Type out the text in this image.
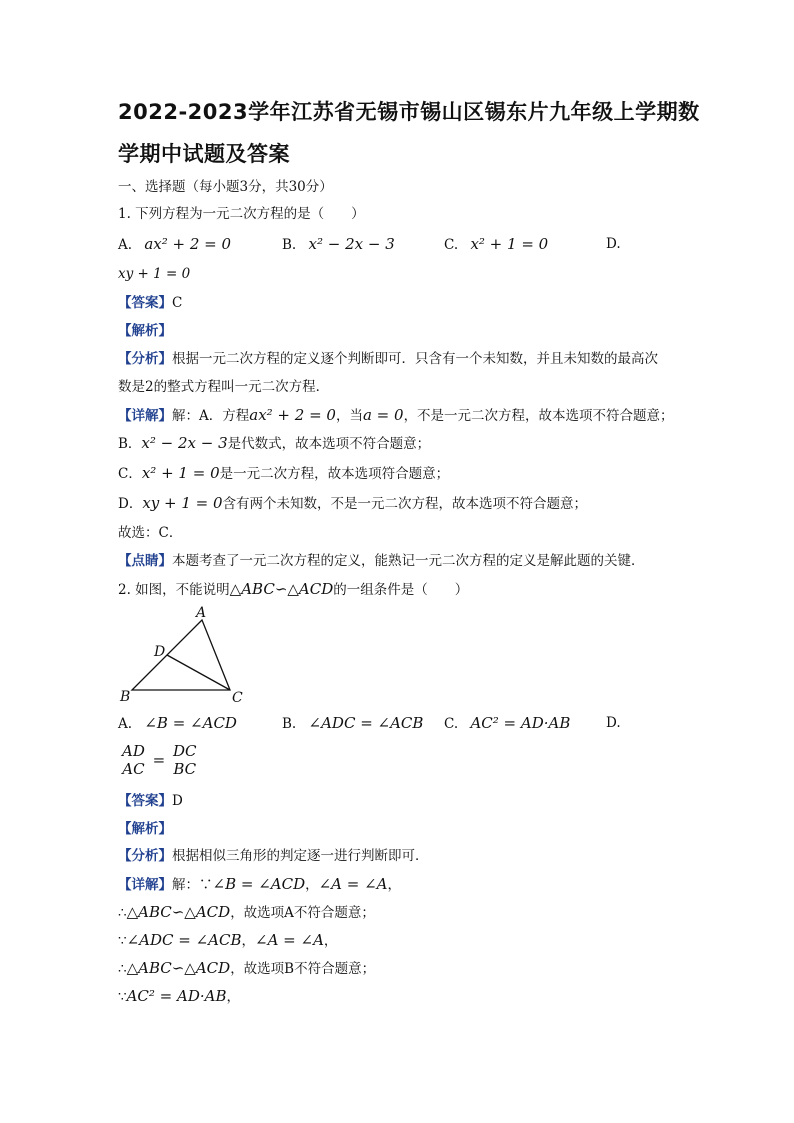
2022-2023学年江苏省无锡市锡山区锡东片九年级上学期数
学期中试题及答案
一、选择题（每小题3分，共30分）
1. 下列方程为一元二次方程的是（　　）
A. ax² + 2 = 0	B. x² − 2x − 3	C. x² + 1 = 0	D.
xy + 1 = 0
【答案】C
【解析】
【分析】根据一元二次方程的定义逐个判断即可．只含有一个未知数，并且未知数的最高次
数是2的整式方程叫一元二次方程．
【详解】解：A．方程ax² + 2 = 0，当a = 0，不是一元二次方程，故本选项不符合题意；
B．x² − 2x − 3是代数式，故本选项不符合题意；
C．x² + 1 = 0是一元二次方程，故本选项符合题意；
D．xy + 1 = 0含有两个未知数，不是一元二次方程，故本选项不符合题意；
故选：C．
【点睛】本题考查了一元二次方程的定义，能熟记一元二次方程的定义是解此题的关键．
2. 如图，不能说明△ABC∽△ACD的一组条件是（　　）
A
B	C
D
A. ∠B = ∠ACD	B. ∠ADC = ∠ACB C. AC² = AD·AB	D.
AD
AC = DC
BC
【答案】D
【解析】
【分析】根据相似三角形的判定逐一进行判断即可．
【详解】解：∵∠B = ∠ACD，∠A = ∠A，
∴△ABC∽△ACD，故选项A不符合题意；
∵∠ADC = ∠ACB，∠A = ∠A，
∴△ABC∽△ACD，故选项B不符合题意；
∵AC² = AD·AB，
